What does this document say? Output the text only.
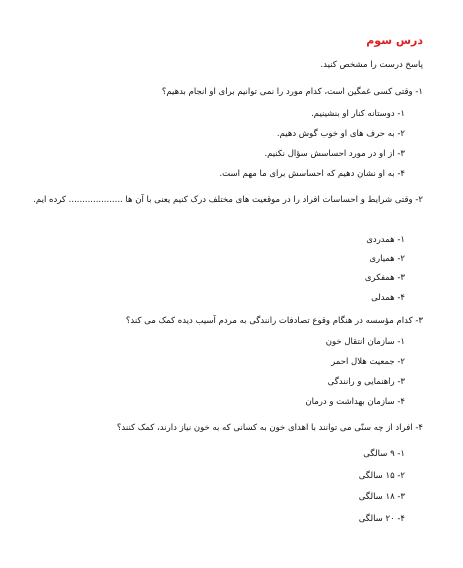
درس سوم

پاسخ درست را مشخص کنید.

۱- وقتی کسی غمگین است، کدام مورد را نمی توانیم برای او انجام بدهیم؟

۱- دوستانه کنار او بنشینیم.

۲- به حرف های او خوب گوش دهیم.

۳- از او در مورد احساسش سؤال نکنیم.

۴- به او نشان دهیم که احساسش برای ما مهم است.

۲- وقتی شرایط و احساسات افراد را در موقعیت های مختلف درک کنیم یعنی با آن ها .................... کرده ایم.

۱- همدردی

۲- همیاری

۳- همفکری

۴- همدلی

۳- کدام مؤسسه در هنگام وقوع تصادفات رانندگی به مردم آسیب دیده کمک می کند؟

۱- سازمان انتقال خون

۲- جمعیت هلال احمر

۳- راهنمایی و رانندگی

۴- سازمان بهداشت و درمان

۴- افراد از چه سنّی می توانند با اهدای خون به کسانی که به خون نیاز دارند، کمک کنند؟

۱- ۹ سالگی

۲- ۱۵ سالگی

۳- ۱۸ سالگی

۴- ۲۰ سالگی
